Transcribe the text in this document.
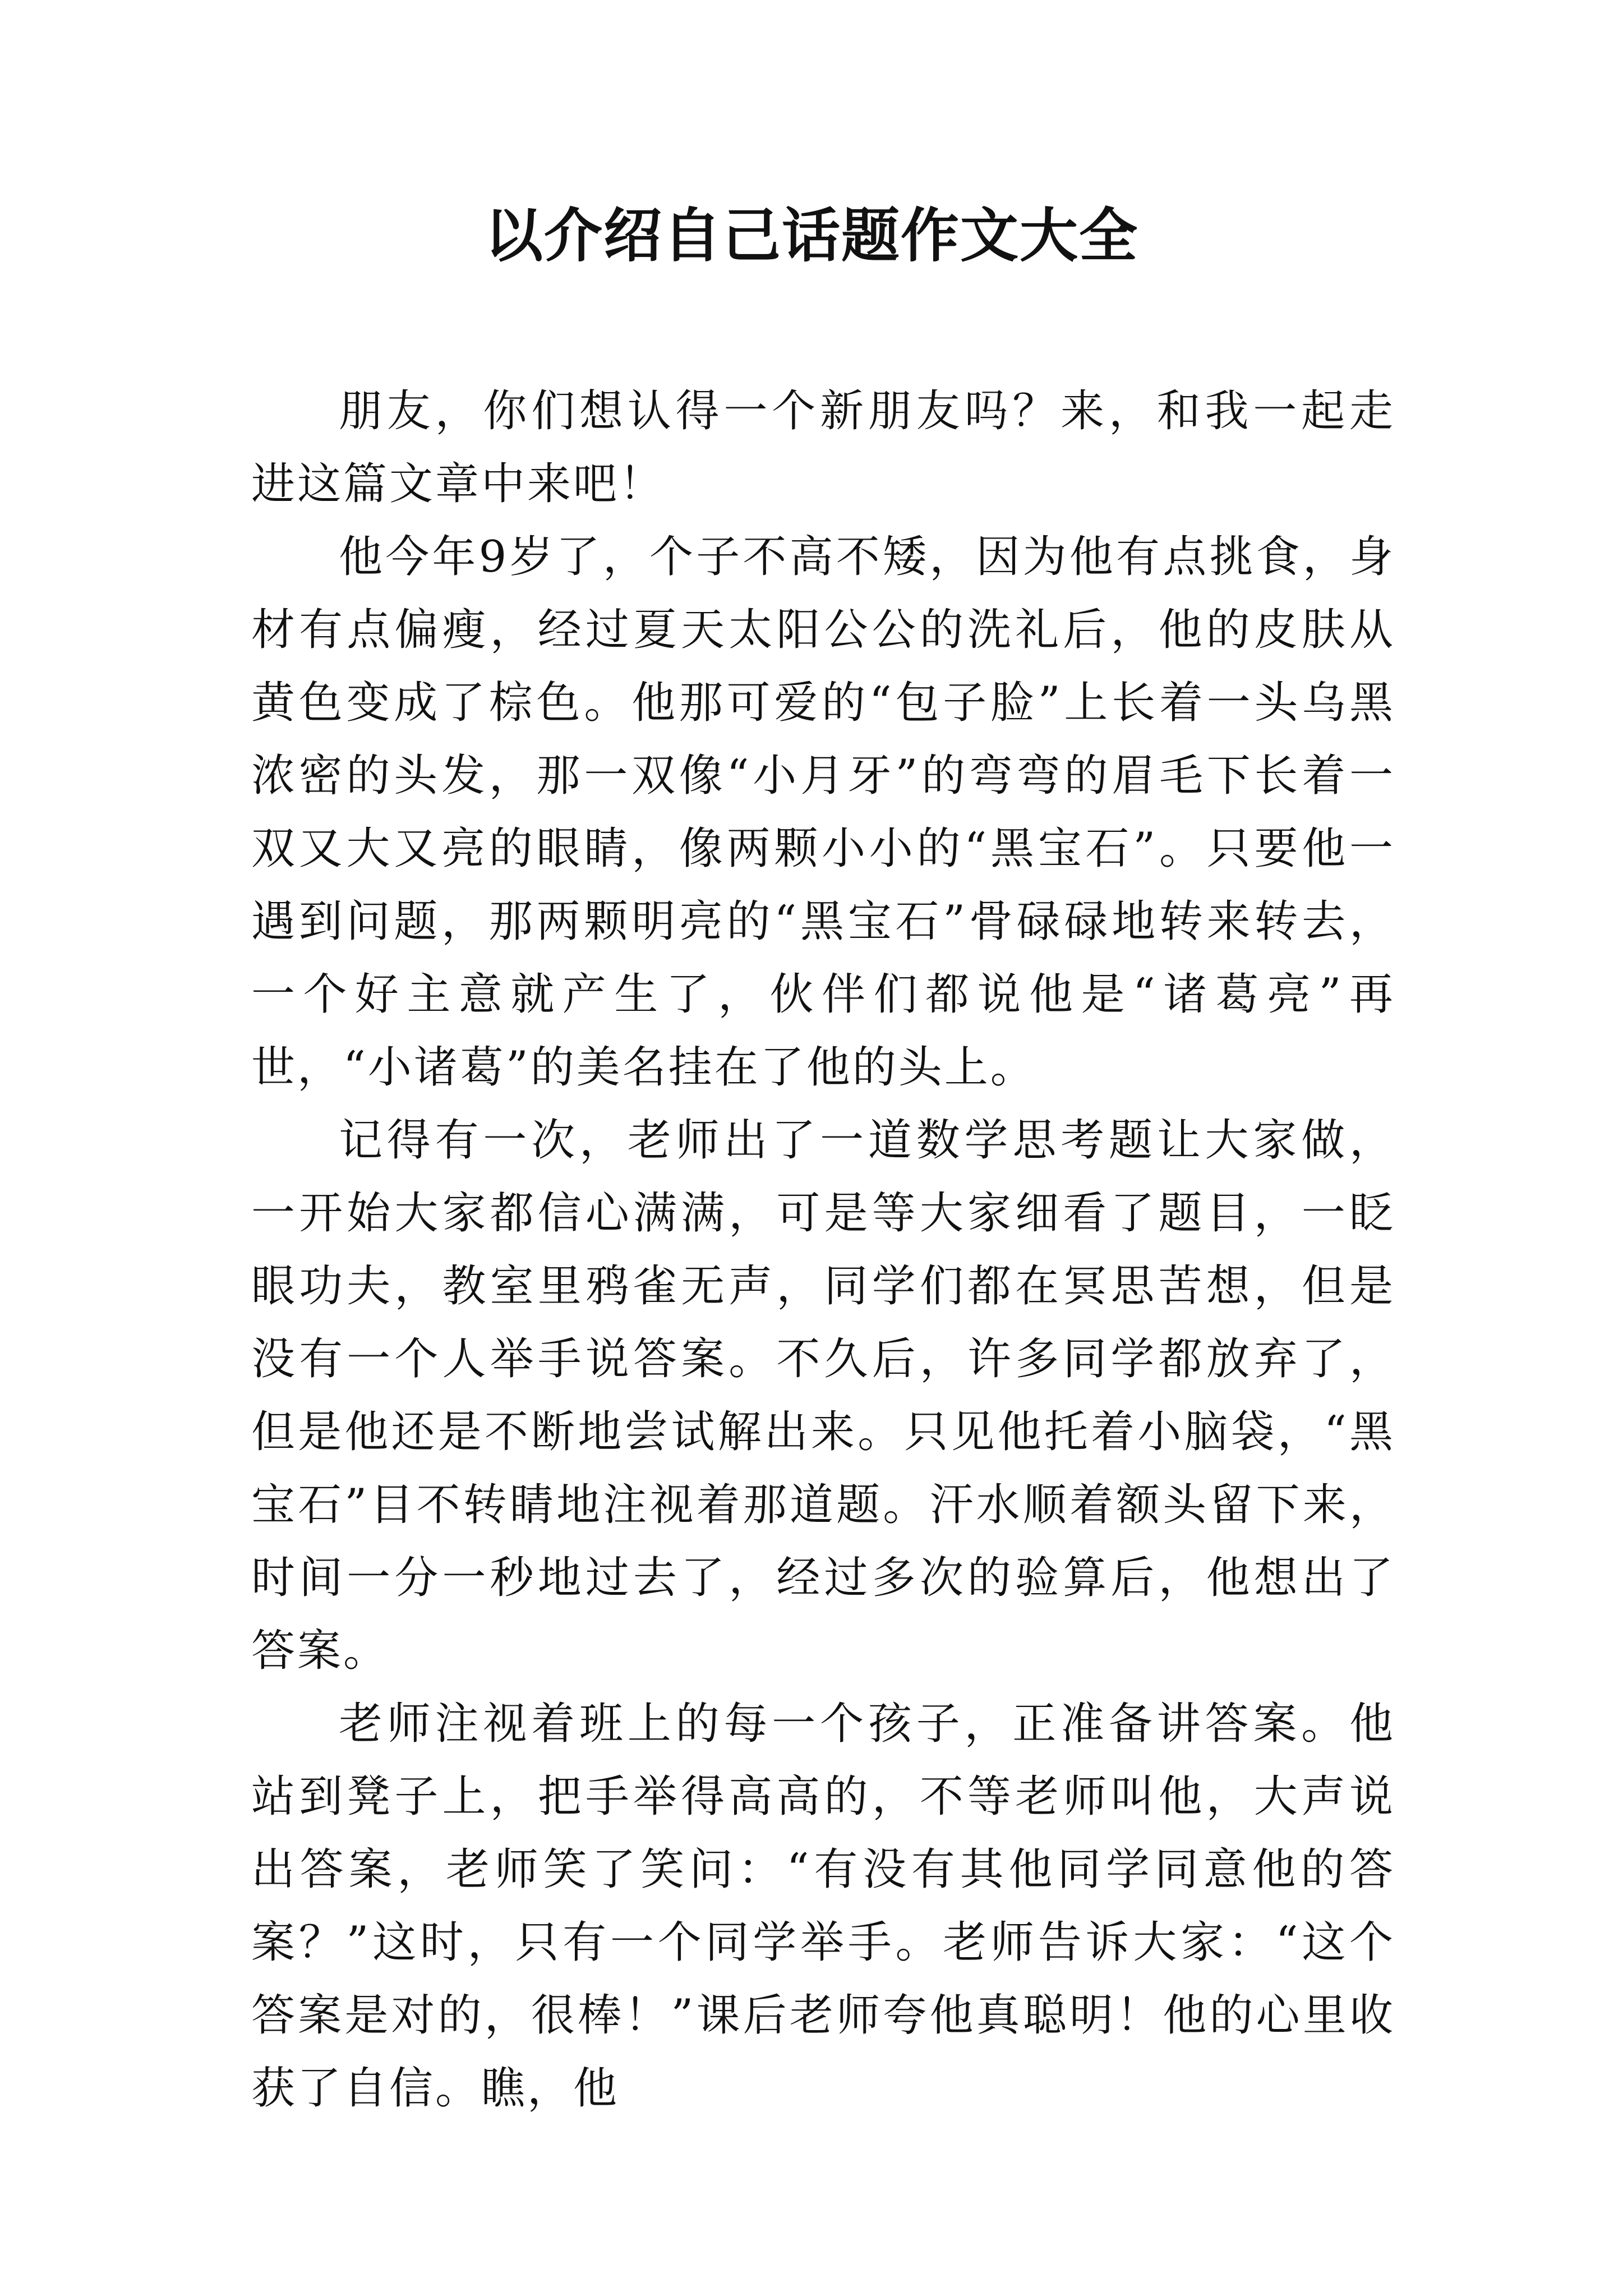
以介绍自己话题作文大全

朋友，你们想认得一个新朋友吗？来，和我一起走进这篇文章中来吧！

他今年9岁了，个子不高不矮，因为他有点挑食，身材有点偏瘦，经过夏天太阳公公的洗礼后，他的皮肤从黄色变成了棕色。他那可爱的“包子脸”上长着一头乌黑浓密的头发，那一双像“小月牙”的弯弯的眉毛下长着一双又大又亮的眼睛，像两颗小小的“黑宝石”。只要他一遇到问题，那两颗明亮的“黑宝石”骨碌碌地转来转去，一个好主意就产生了，伙伴们都说他是“诸葛亮”再世，“小诸葛”的美名挂在了他的头上。

记得有一次，老师出了一道数学思考题让大家做，一开始大家都信心满满，可是等大家细看了题目，一眨眼功夫，教室里鸦雀无声，同学们都在冥思苦想，但是没有一个人举手说答案。不久后，许多同学都放弃了，但是他还是不断地尝试解出来。只见他托着小脑袋，“黑宝石”目不转睛地注视着那道题。汗水顺着额头留下来，时间一分一秒地过去了，经过多次的验算后，他想出了答案。

老师注视着班上的每一个孩子，正准备讲答案。他站到凳子上，把手举得高高的，不等老师叫他，大声说出答案，老师笑了笑问：“有没有其他同学同意他的答案？”这时，只有一个同学举手。老师告诉大家：“这个答案是对的，很棒！”课后老师夸他真聪明！他的心里收获了自信。瞧，他
